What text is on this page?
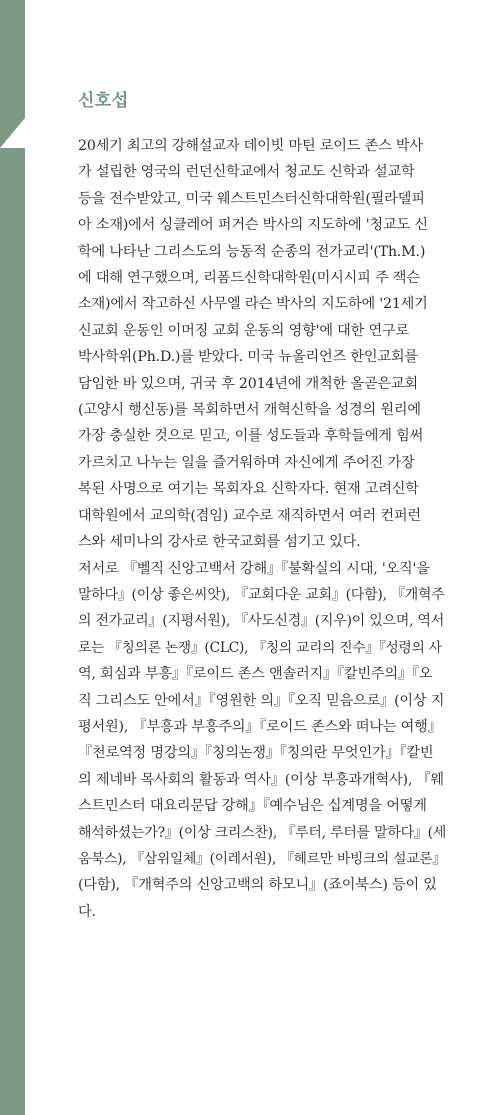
신호섭
20세기 최고의 강해설교자 데이빗 마틴 로이드 존스 박사
가 설립한 영국의 런던신학교에서 청교도 신학과 설교학
등을 전수받았고, 미국 웨스트민스터신학대학원(필라델피
아 소재)에서 싱클레어 퍼거슨 박사의 지도하에 '청교도 신
학에 나타난 그리스도의 능동적 순종의 전가교리'(Th.M.)
에 대해 연구했으며, 리폼드신학대학원(미시시피 주 잭슨
소재)에서 작고하신 사무엘 라슨 박사의 지도하에 '21세기
신교회 운동인 이머징 교회 운동의 영향'에 대한 연구로
박사학위(Ph.D.)를 받았다. 미국 뉴올리언즈 한인교회를
담임한 바 있으며, 귀국 후 2014년에 개척한 올곧은교회
(고양시 행신동)를 목회하면서 개혁신학을 성경의 원리에
가장 충실한 것으로 믿고, 이를 성도들과 후학들에게 힘써
가르치고 나누는 일을 즐거워하며 자신에게 주어진 가장
복된 사명으로 여기는 목회자요 신학자다. 현재 고려신학
대학원에서 교의학(겸임) 교수로 재직하면서 여러 컨퍼런
스와 세미나의 강사로 한국교회를 섬기고 있다.
저서로 『벨직 신앙고백서 강해』『불확실의 시대, '오직'을
말하다』(이상 좋은씨앗), 『교회다운 교회』(다함), 『개혁주
의 전가교리』(지평서원), 『사도신경』(지우)이 있으며, 역서
로는 『칭의론 논쟁』(CLC), 『칭의 교리의 진수』『성령의 사
역, 회심과 부흥』『로이드 존스 앤솔러지』『칼빈주의』『오
직 그리스도 안에서』『영원한 의』『오직 믿음으로』(이상 지
평서원), 『부흥과 부흥주의』『로이드 존스와 떠나는 여행』
『천로역정 명강의』『칭의논쟁』『칭의란 무엇인가』『칼빈
의 제네바 목사회의 활동과 역사』(이상 부흥과개혁사), 『웨
스트민스터 대요리문답 강해』『예수님은 십계명을 어떻게
해석하셨는가?』(이상 크리스찬), 『루터, 루터를 말하다』(세
움북스), 『삼위일체』(이레서원), 『헤르만 바빙크의 설교론』
(다함), 『개혁주의 신앙고백의 하모니』(죠이북스) 등이 있
다.
